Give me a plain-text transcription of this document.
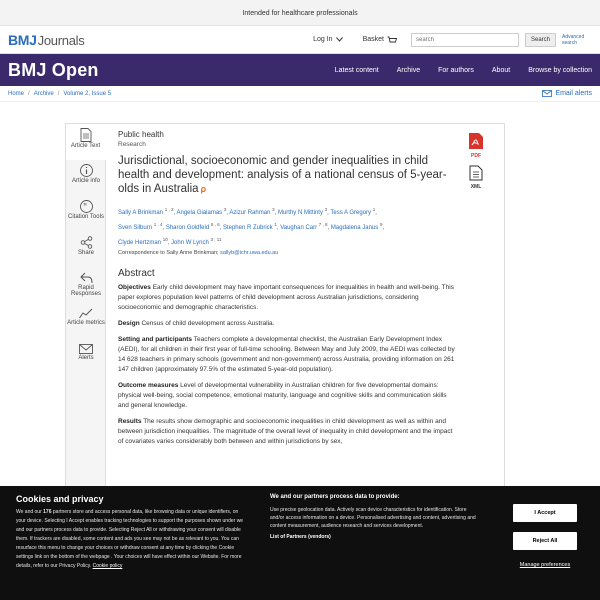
Intended for healthcare professionals
BMJ Journals	Log In	Basket
search	Search	Advanced search
BMJ Open	Latest content	Archive	For authors	About	Browse by collection
Home / Archive / Volume 2, Issue 5	Email alerts
Article Text
Article info
"
Citation Tools
Share
Rapid Responses
Article metrics
Alerts
Public health
Research
Jurisdictional, socioeconomic and gender inequalities in child health and development: analysis of a national census of 5-year-olds in Australia 𝛒
Sally A Brinkman $^{1 , 2}$, Angela Gialamas $^3$, Azizur Rahman $^3$, Murthy N Mittinty $^3$, Tess A Gregory $^1$,
Sven Silburn $^{1 , 4}$, Sharon Goldfeld $^{5 , 6}$, Stephen R Zubrick $^1$, Vaughan Carr $^{7 , 8}$, Magdalena Janus $^9$,
Clyde Hertzman $^{10}$, John W Lynch $^{3 , 11}$
Correspondence to Sally Anne Brinkman; sallyb@ichr.uwa.edu.au
Abstract

Objectives Early child development may have important consequences for inequalities in health and well-being. This paper explores population level patterns of child development across Australian jurisdictions, considering socioeconomic and demographic characteristics.

Design Census of child development across Australia.

Setting and participants Teachers complete a developmental checklist, the Australian Early Development Index (AEDI), for all children in their first year of full-time schooling. Between May and July 2009, the AEDI was collected by 14 628 teachers in primary schools (government and non-government) across Australia, providing information on 261 147 children (approximately 97.5% of the estimated 5-year-old population).

Outcome measures Level of developmental vulnerability in Australian children for five developmental domains: physical well-being, social competence, emotional maturity, language and cognitive skills and communication skills and general knowledge.

Results The results show demographic and socioeconomic inequalities in child development as well as within and between jurisdiction inequalities. The magnitude of the overall level of inequality in child development and the impact of covariates varies considerably both between and within jurisdictions by sex,

PDF
XML
Cookies and privacy
We and our 176 partners store and access personal data, like browsing data or unique identifiers, on your device. Selecting I Accept enables tracking technologies to support the purposes shown under we and our partners process data to provide. Selecting Reject All or withdrawing your consent will disable them. If trackers are disabled, some content and ads you see may not be as relevant to you. You can resurface this menu to change your choices or withdraw consent at any time by clicking the Cookie settings link on the bottom of the webpage . Your choices will have effect within our Website. For more details, refer to our Privacy Policy. Cookie policy
We and our partners process data to provide:
Use precise geolocation data. Actively scan device characteristics for identification. Store and/or access information on a device. Personalised advertising and content, advertising and content measurement, audience research and services development.
List of Partners (vendors)
I Accept
Reject All
Manage preferences
